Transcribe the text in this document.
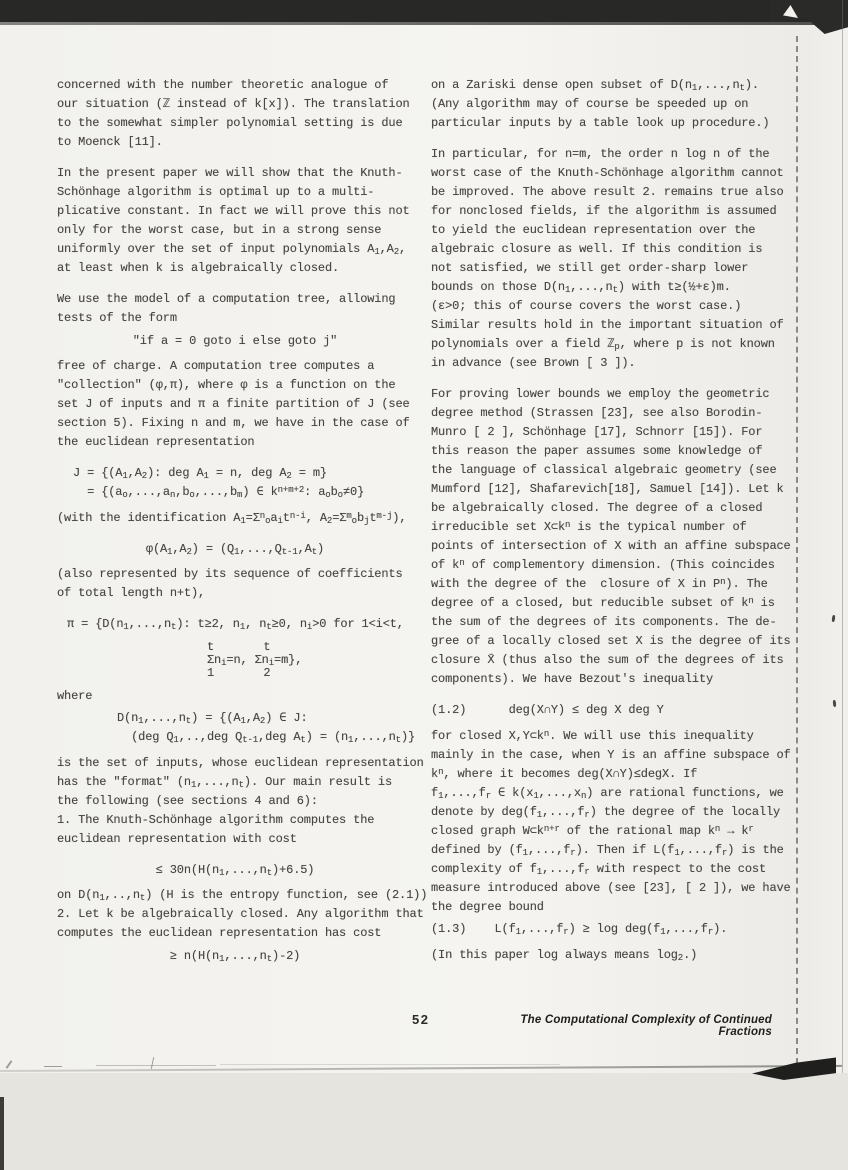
concerned with the number theoretic analogue of
our situation (ℤ instead of k[x]). The translation
to the somewhat simpler polynomial setting is due
to Moenck [11].
In the present paper we will show that the Knuth-
Schönhage algorithm is optimal up to a multi-
plicative constant. In fact we will prove this not
only for the worst case, but in a strong sense
uniformly over the set of input polynomials $A_1,A_2$,
at least when k is algebraically closed.
We use the model of a computation tree, allowing
tests of the form
"if a = 0 goto i else goto j"
free of charge. A computation tree computes a
"collection" (φ,π), where φ is a function on the
set J of inputs and π a finite partition of J (see
section 5). Fixing n and m, we have in the case of
the euclidean representation
$J = \{(A_1,A_2)$: deg $A_1 = n$, deg $A_2 = m$}
= {$(a_o,...,a_n,b_o,...,b_m)$ ∈ $k^{n+m+2}$: $a_ob_o\ne 0$}
(with the identification $A_1=\Sigma^n_oa_it^{n-i}$, $A_2=\Sigma^m_ob_jt^{m-j}$),
$\varphi(A_1,A_2) = (Q_1,...,Q_{t-1},A_t)$
(also represented by its sequence of coefficients
of total length n+t),
$\pi = \{D(n_1,...,n_t)$: t≥2, $n_1$, $n_t\ge 0$, $n_i>0$ for 1<i<t,
t       t
$\Sigma n_i=n$, $\Sigma n_i=m$},
1       2
where
$D(n_1,...,n_t) = \{(A_1,A_2)$ ∈ J:
(deg $Q_1,..,deg$ $Q_{t-1},deg$ $A_t) = (n_1,...,n_t)$}
is the set of inputs, whose euclidean representation
has the "format" $(n_1,...,n_t)$. Our main result is
the following (see sections 4 and 6):
1. The Knuth-Schönhage algorithm computes the
euclidean representation with cost
≤ $30n(H(n_1,...,n_t)+6.5)$
on $D(n_1,..,n_t)$ (H is the entropy function, see (2.1))
2. Let k be algebraically closed. Any algorithm that
computes the euclidean representation has cost
≥ $n(H(n_1,...,n_t)-2)$
on a Zariski dense open subset of $D(n_1,...,n_t)$.
(Any algorithm may of course be speeded up on
particular inputs by a table look up procedure.)
In particular, for n=m, the order n log n of the
worst case of the Knuth-Schönhage algorithm cannot
be improved. The above result 2. remains true also
for nonclosed fields, if the algorithm is assumed
to yield the euclidean representation over the
algebraic closure as well. If this condition is
not satisfied, we still get order-sharp lower
bounds on those $D(n_1,...,n_t)$ with t≥(½+ε)m.
(ε>0; this of course covers the worst case.)
Similar results hold in the important situation of
polynomials over a field ℤ$_p$, where p is not known
in advance (see Brown [ 3 ]).
For proving lower bounds we employ the geometric
degree method (Strassen [23], see also Borodin-
Munro [ 2 ], Schönhage [17], Schnorr [15]). For
this reason the paper assumes some knowledge of
the language of classical algebraic geometry (see
Mumford [12], Shafarevich[18], Samuel [14]). Let k
be algebraically closed. The degree of a closed
irreducible set $X\subset k^n$ is the typical number of
points of intersection of X with an affine subspace
of $k^n$ of complementory dimension. (This coincides
with the degree of the  closure of X in $P^n$). The
degree of a closed, but reducible subset of $k^n$ is
the sum of the degrees of its components. The de-
gree of a locally closed set X is the degree of its
closure X̄ (thus also the sum of the degrees of its
components). We have Bezout's inequality
(1.2)      deg(X∩Y) ≤ deg X deg Y
for closed $X,Y\subset k^n$. We will use this inequality
mainly in the case, when Y is an affine subspace of
$k^n$, where it becomes deg(X∩Y)≤degX. If
$f_1,...,f_r$ ∈ $k(x_1,...,x_n)$ are rational functions, we
denote by $deg(f_1,...,f_r)$ the degree of the locally
closed graph $W\subset k^{n+r}$ of the rational map $k^n \to k^r$
defined by $(f_1,...,f_r)$. Then if $L(f_1,...,f_r)$ is the
complexity of $f_1,...,f_r$ with respect to the cost
measure introduced above (see [23], [ 2 ]), we have
the degree bound
(1.3)    $L(f_1,...,f_r) \ge \log deg(f_1,...,f_r)$.
(In this paper log always means $\log_2$.)
52	The Computational Complexity of Continued Fractions
